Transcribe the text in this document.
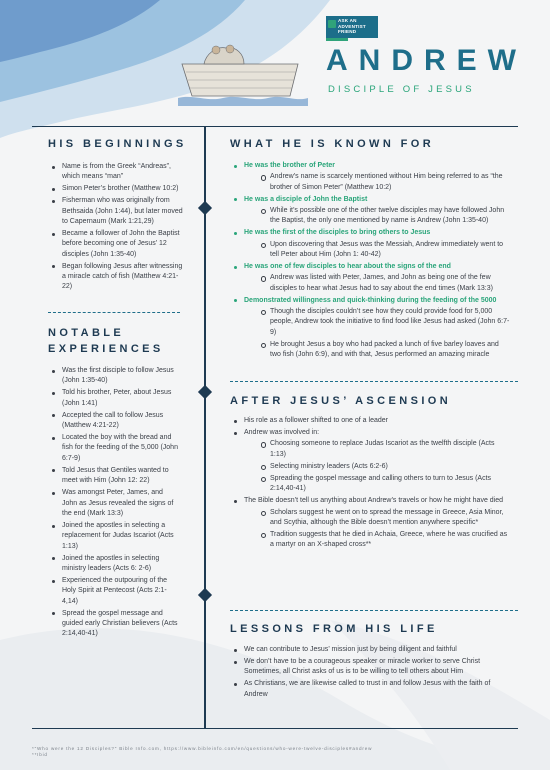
ASK AN
ADVENTIST
FRIEND
ANDREW
DISCIPLE OF JESUS
HIS BEGINNINGS
Name is from the Greek “Andreas”, which means “man”
Simon Peter’s brother (Matthew 10:2)
Fisherman who was originally from Bethsaida (John 1:44), but later moved to Capernaum (Mark 1:21,29)
Became a follower of John the Baptist before becoming one of Jesus’ 12 disciples (John 1:35-40)
Began following Jesus after witnessing a miracle catch of fish (Matthew 4:21-22)
NOTABLE
EXPERIENCES
Was the first disciple to follow Jesus (John 1:35-40)
Told his brother, Peter, about Jesus (John 1:41)
Accepted the call to follow Jesus (Matthew 4:21-22)
Located the boy with the bread and fish for the feeding of the 5,000 (John 6:7-9)
Told Jesus that Gentiles wanted to meet with Him (John 12: 22)
Was amongst Peter, James, and John as Jesus revealed the signs of the end (Mark 13:3)
Joined the apostles in selecting a replacement for Judas Iscariot (Acts 1:13)
Joined the apostles in selecting ministry leaders (Acts 6: 2-6)
Experienced the outpouring of the Holy Spirit at Pentecost (Acts 2:1-4,14)
Spread the gospel message and guided early Christian believers (Acts 2:14,40-41)
WHAT HE IS KNOWN FOR
He was the brother of Peter
Andrew’s name is scarcely mentioned without Him being referred to as “the brother of Simon Peter” (Matthew 10:2)
He was a disciple of John the Baptist
While it’s possible one of the other twelve disciples may have followed John the Baptist, the only one mentioned by name is Andrew (John 1:35-40)
He was the first of the disciples to bring others to Jesus
Upon discovering that Jesus was the Messiah, Andrew immediately went to tell Peter about Him (John 1: 40-42)
He was one of few disciples to hear about the signs of the end
Andrew was listed with Peter, James, and John as being one of the few disciples to hear what Jesus had to say about the end times (Mark 13:3)
Demonstrated willingness and quick-thinking during the feeding of the 5000
Though the disciples couldn’t see how they could provide food for 5,000 people, Andrew took the initiative to find food like Jesus had asked (John 6:7-9)
He brought Jesus a boy who had packed a lunch of five barley loaves and two fish (John 6:9), and with that, Jesus performed an amazing miracle
AFTER JESUS’ ASCENSION
His role as a follower shifted to one of a leader
Andrew was involved in:
Choosing someone to replace Judas Iscariot as the twelfth disciple (Acts 1:13)
Selecting ministry leaders (Acts 6:2-6)
Spreading the gospel message and calling others to turn to Jesus (Acts 2:14,40-41)
The Bible doesn’t tell us anything about Andrew’s travels or how he might have died
Scholars suggest he went on to spread the message in Greece, Asia Minor, and Scythia, although the Bible doesn’t mention anywhere specific*
Tradition suggests that he died in Achaia, Greece, where he was crucified as a martyr on an X-shaped cross**
LESSONS FROM HIS LIFE
We can contribute to Jesus’ mission just by being diligent and faithful
We don’t have to be a courageous speaker or miracle worker to serve Christ Sometimes, all Christ asks of us is to be willing to tell others about Him
As Christians, we are likewise called to trust in and follow Jesus with the faith of Andrew
*"Who were the 12 Disciples?" Bible Info.com, https://www.bibleinfo.com/en/questions/who-were-twelve-disciples#andrew
**Ibid
